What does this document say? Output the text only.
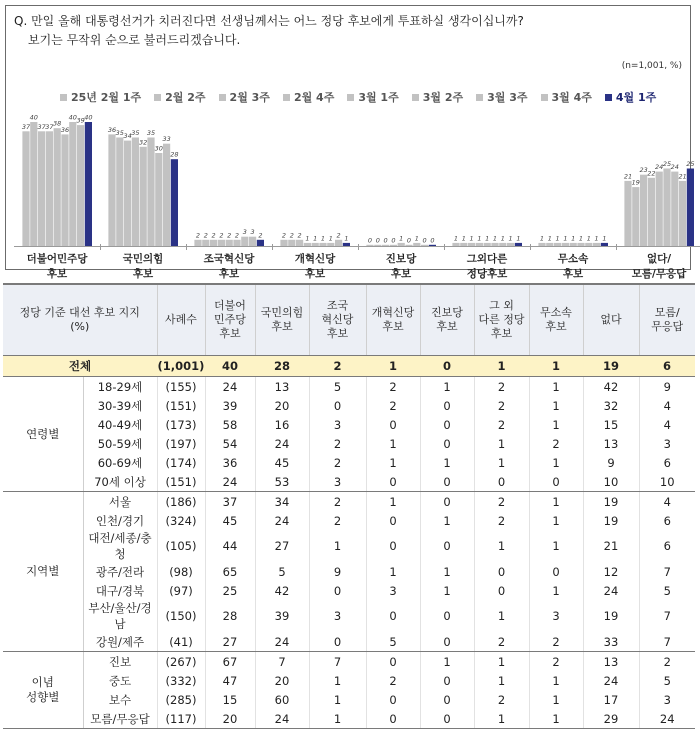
Q. 만일 올해 대통령선거가 치러진다면 선생님께서는 어느 정당 후보에게 투표하실 생각이십니까?
보기는 무작위 순으로 불러드리겠습니다.
(n=1,001, %)
25년 2월 1주 2월 2주 2월 3주 2월 4주 3월 1주 3월 2주 3월 3주 3월 4주 4월 1주
37
40
37 37 38
36
40 39 40
더불어민주당
후보
36 35 34 35
32
35
30
33
28
국민의힘
후보
2 2 2 2 2 2 3 3 2
조국혁신당
후보
2 2 2 1 1 1 1 2 1
개혁신당
후보
0 0 0 0 1 0 1 0 0
진보당
후보
1 1 1 1 1 1 1 1 1
그외다른
정당후보
1 1 1 1 1 1 1 1 1
무소속
후보
21
19
23 22
24 25 24
21
25
없다/
모름/무응답
정당 기준 대선 후보 지지
(%)		사례수	더불어
민주당
후보	국민의힘
후보	조국
혁신당
후보	개혁신당
후보	진보당
후보	그 외
다른 정당
후보	무소속
후보	없다	모름/
무응답
전체		(1,001)	40	28	2	1	0	1	1	19	6
연령별	18-29세	(155)	24	13	5	2	1	2	1	42	9
	30-39세	(151)	39	20	0	2	0	2	1	32	4
	40-49세	(173)	58	16	3	0	0	2	1	15	4
	50-59세	(197)	54	24	2	1	0	1	2	13	3
	60-69세	(174)	36	45	2	1	1	1	1	9	6
	70세 이상	(151)	24	53	3	0	0	0	0	10	10
지역별	서울	(186)	37	34	2	1	0	2	1	19	4
	인천/경기	(324)	45	24	2	0	1	2	1	19	6
	대전/세종/충청	(105)	44	27	1	0	0	1	1	21	6
	광주/전라	(98)	65	5	9	1	1	0	0	12	7
	대구/경북	(97)	25	42	0	3	1	0	1	24	5
	부산/울산/경남	(150)	28	39	3	0	0	1	3	19	7
	강원/제주	(41)	27	24	0	5	0	2	2	33	7
이념
성향별	진보	(267)	67	7	7	0	1	1	2	13	2
	중도	(332)	47	20	1	2	0	1	1	24	5
	보수	(285)	15	60	1	0	0	2	1	17	3
	모름/무응답	(117)	20	24	1	0	0	1	1	29	24
